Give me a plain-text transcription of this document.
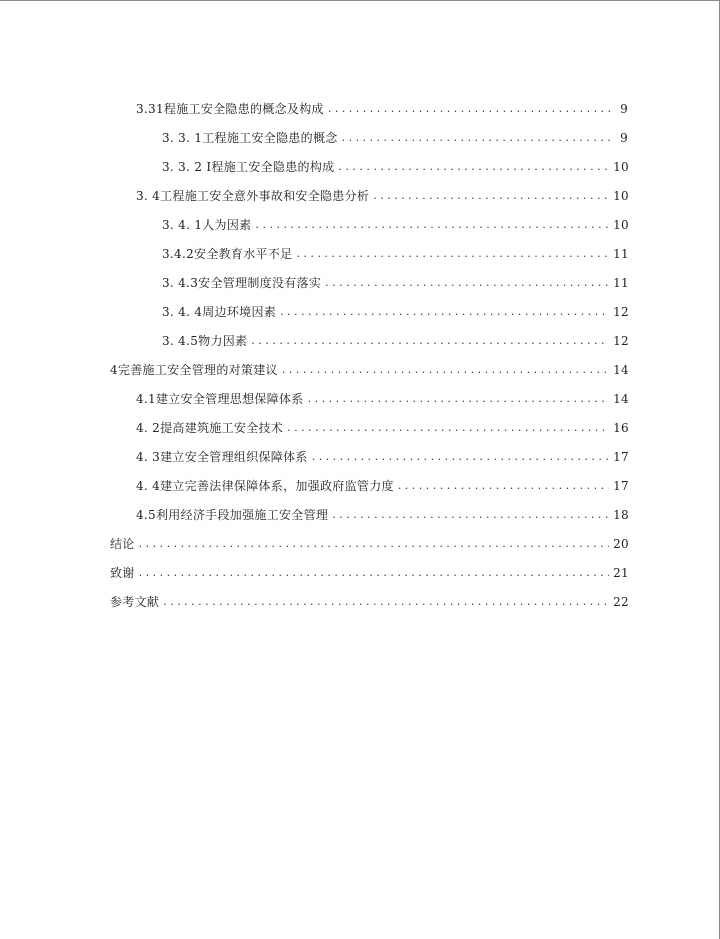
3.31程施工安全隐患的概念及构成 . . .	9
3. 3. 1工程施工安全隐患的概念 . . .	9
3. 3. 2 I程施工安全隐患的构成 . . .	10
3. 4工程施工安全意外事故和安全隐患分析 . . .	10
3. 4. 1人为因素 . . .	10
3.4.2安全教育水平不足 . . .	11
3. 4.3安全管理制度没有落实 . . .	11
3. 4. 4周边环境因素 . . .	12
3. 4.5物力因素 . . .	12
4完善施工安全管理的对策建议 . . .	14
4.1建立安全管理思想保障体系 . . .	14
4. 2提高建筑施工安全技术 . . .	16
4. 3建立安全管理组织保障体系 . . .	17
4. 4建立完善法律保障体系，加强政府监管力度 . . .	17
4.5利用经济手段加强施工安全管理 . . .	18
结论 . . .	20
致谢 . . .	21
参考文献 . . .	22
